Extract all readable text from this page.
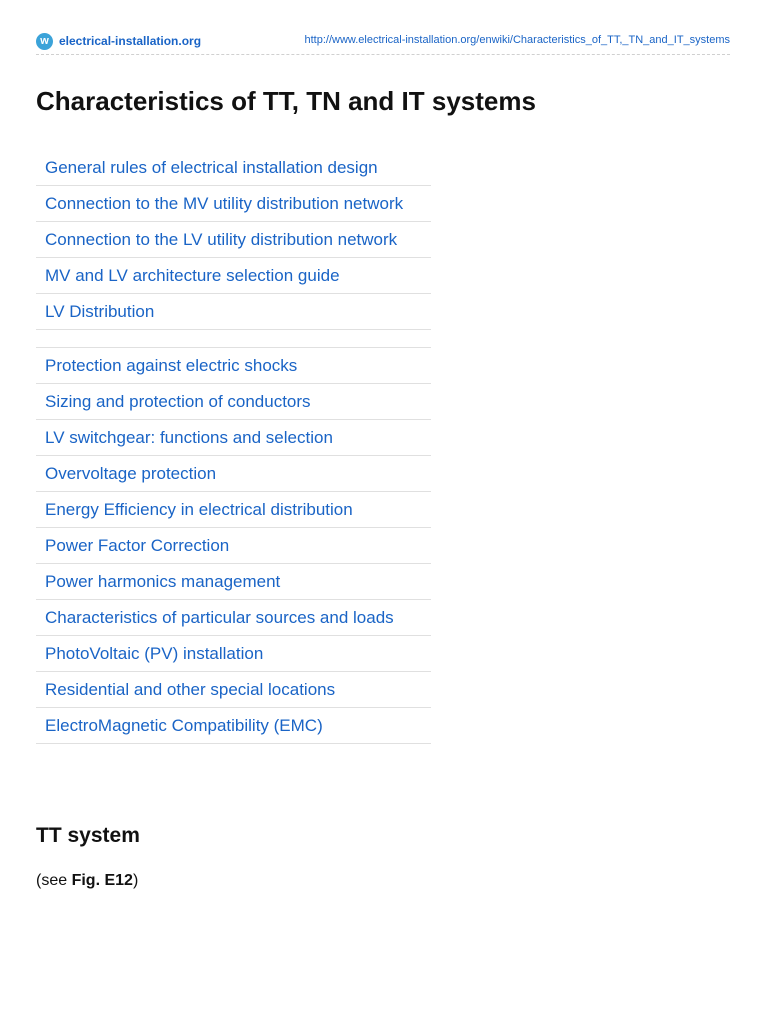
w electrical-installation.org	http://www.electrical-installation.org/enwiki/Characteristics_of_TT,_TN_and_IT_systems
Characteristics of TT, TN and IT systems
General rules of electrical installation design
Connection to the MV utility distribution network
Connection to the LV utility distribution network
MV and LV architecture selection guide
LV Distribution
Protection against electric shocks
Sizing and protection of conductors
LV switchgear: functions and selection
Overvoltage protection
Energy Efficiency in electrical distribution
Power Factor Correction
Power harmonics management
Characteristics of particular sources and loads
PhotoVoltaic (PV) installation
Residential and other special locations
ElectroMagnetic Compatibility (EMC)
TT system

(see Fig. E12)
